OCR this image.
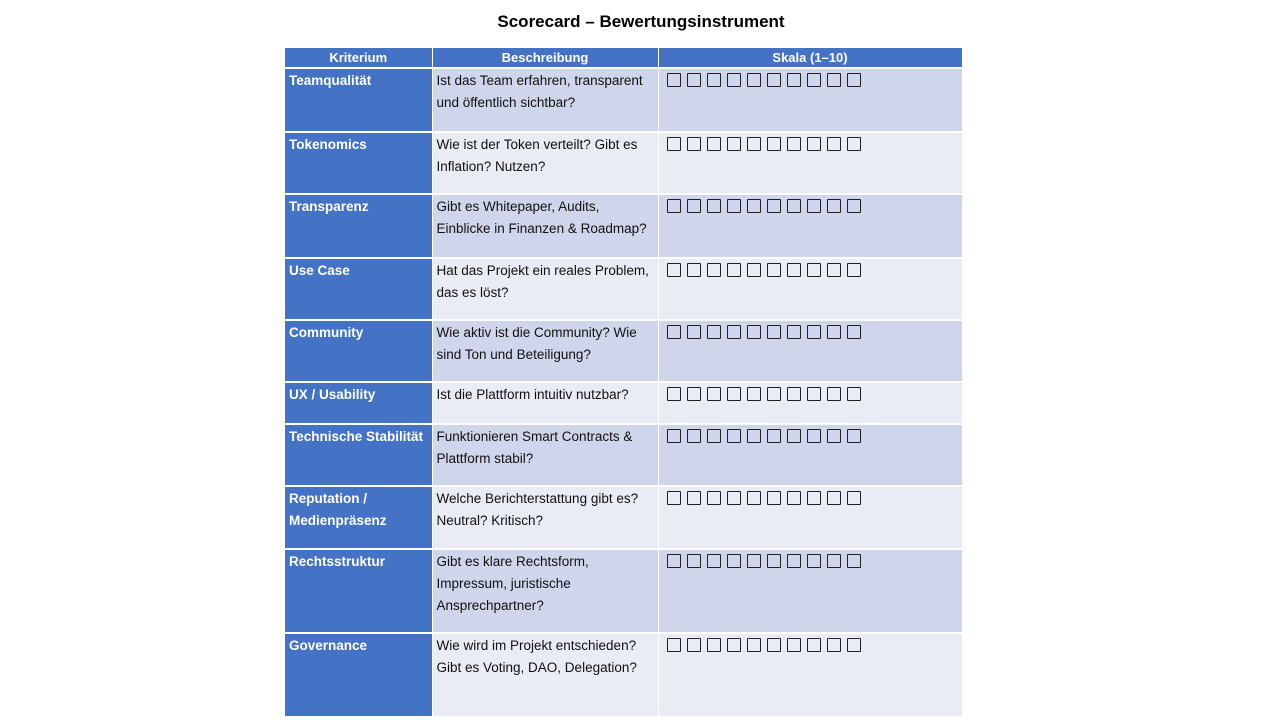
Scorecard – Bewertungsinstrument
Kriterium	Beschreibung	Skala (1–10)
Teamqualität	Ist das Team erfahren, transparent und öffentlich sichtbar?	

Tokenomics	Wie ist der Token verteilt? Gibt es Inflation? Nutzen?	

Transparenz	Gibt es Whitepaper, Audits, Einblicke in Finanzen & Roadmap?	

Use Case	Hat das Projekt ein reales Problem, das es löst?	

Community	Wie aktiv ist die Community? Wie sind Ton und Beteiligung?	

UX / Usability	Ist die Plattform intuitiv nutzbar?	

Technische Stabilität	Funktionieren Smart Contracts & Plattform stabil?	

Reputation / Medienpräsenz	Welche Berichterstattung gibt es? Neutral? Kritisch?	

Rechtsstruktur	Gibt es klare Rechtsform, Impressum, juristische Ansprechpartner?	

Governance	Wie wird im Projekt entschieden? Gibt es Voting, DAO, Delegation?	
